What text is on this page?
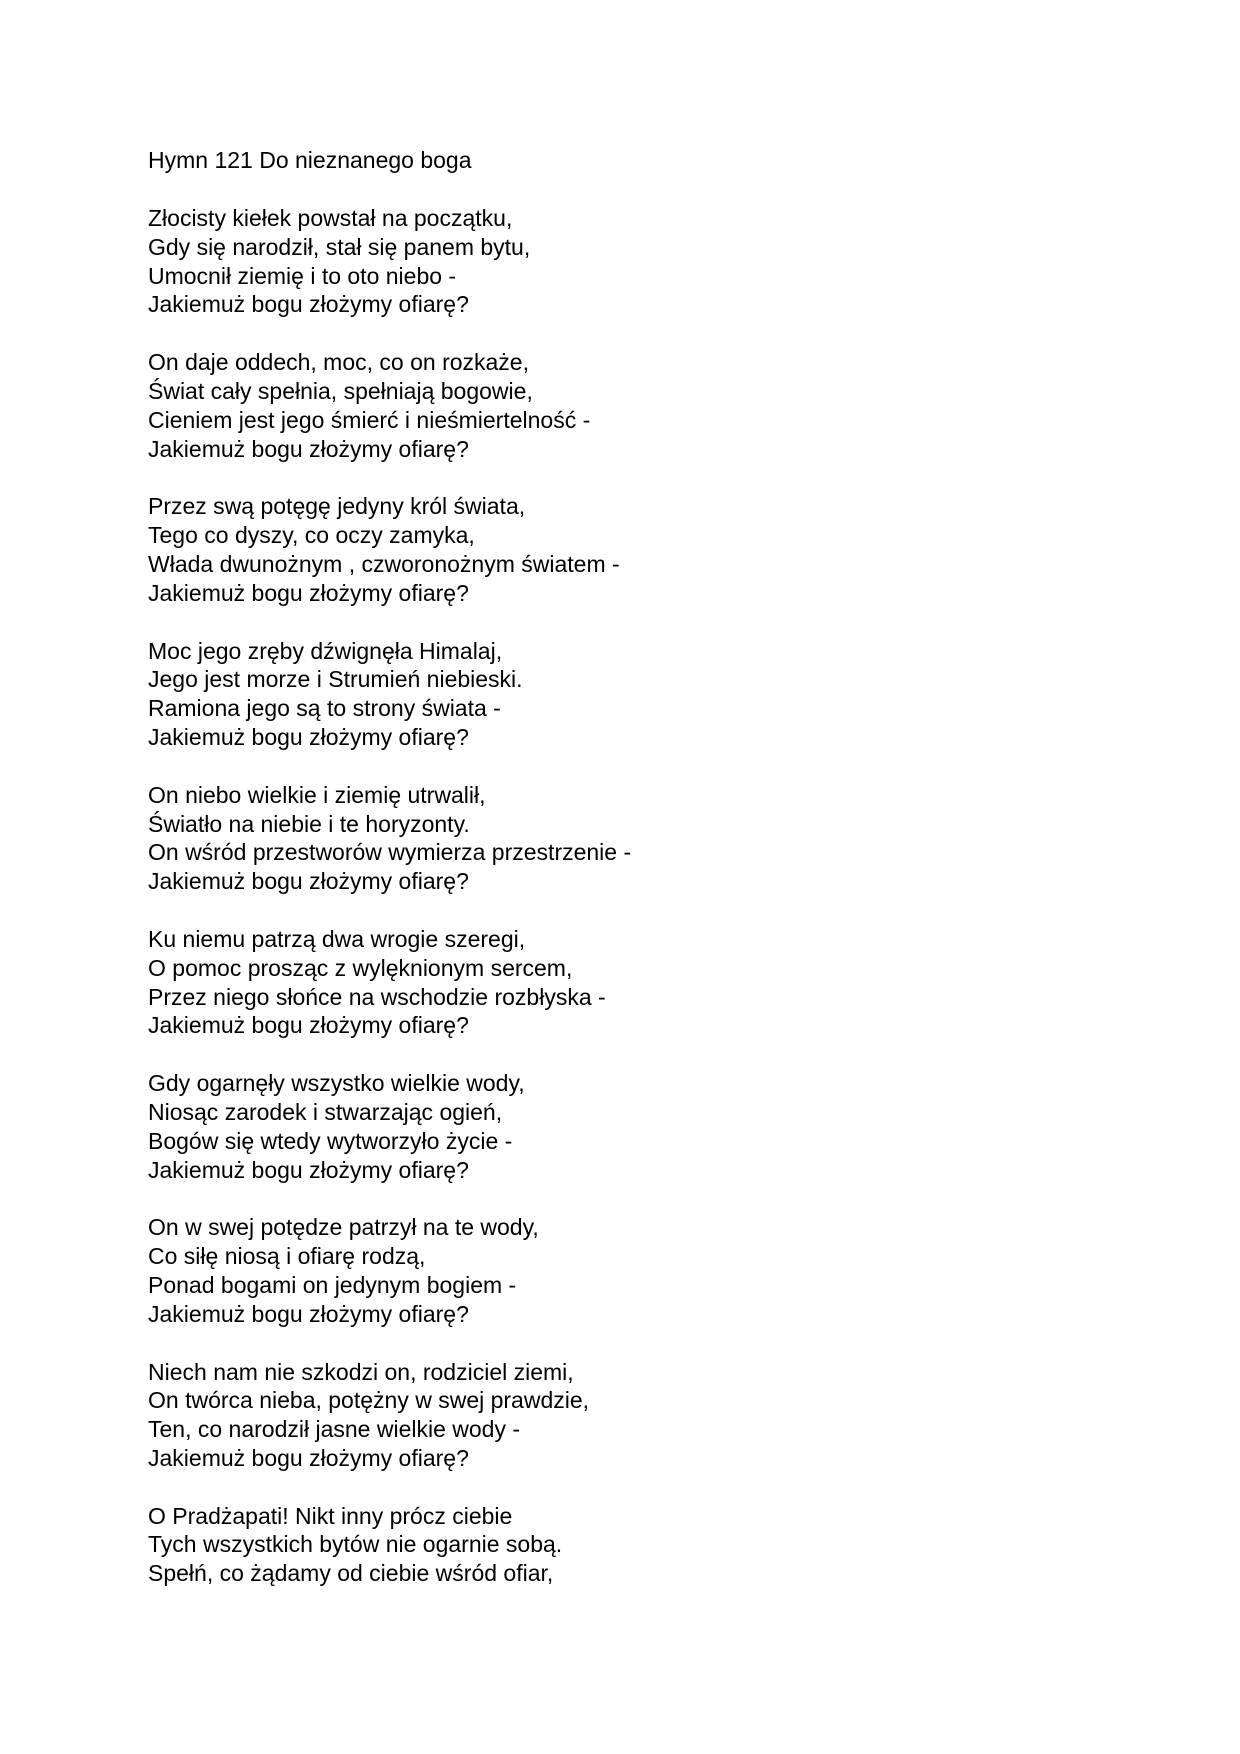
Hymn 121 Do nieznanego boga
Złocisty kiełek powstał na początku,
Gdy się narodził, stał się panem bytu,
Umocnił ziemię i to oto niebo -
Jakiemuż bogu złożymy ofiarę?
On daje oddech, moc, co on rozkaże,
Świat cały spełnia, spełniają bogowie,
Cieniem jest jego śmierć i nieśmiertelność -
Jakiemuż bogu złożymy ofiarę?
Przez swą potęgę jedyny król świata,
Tego co dyszy, co oczy zamyka,
Włada dwunożnym , czworonożnym światem -
Jakiemuż bogu złożymy ofiarę?
Moc jego zręby dźwignęła Himalaj,
Jego jest morze i Strumień niebieski.
Ramiona jego są to strony świata -
Jakiemuż bogu złożymy ofiarę?
On niebo wielkie i ziemię utrwalił,
Światło na niebie i te horyzonty.
On wśród przestworów wymierza przestrzenie -
Jakiemuż bogu złożymy ofiarę?
Ku niemu patrzą dwa wrogie szeregi,
O pomoc prosząc z wylęknionym sercem,
Przez niego słońce na wschodzie rozbłyska -
Jakiemuż bogu złożymy ofiarę?
Gdy ogarnęły wszystko wielkie wody,
Niosąc zarodek i stwarzając ogień,
Bogów się wtedy wytworzyło życie -
Jakiemuż bogu złożymy ofiarę?
On w swej potędze patrzył na te wody,
Co siłę niosą i ofiarę rodzą,
Ponad bogami on jedynym bogiem -
Jakiemuż bogu złożymy ofiarę?
Niech nam nie szkodzi on, rodziciel ziemi,
On twórca nieba, potężny w swej prawdzie,
Ten, co narodził jasne wielkie wody -
Jakiemuż bogu złożymy ofiarę?
O Pradżapati! Nikt inny prócz ciebie
Tych wszystkich bytów nie ogarnie sobą.
Spełń, co żądamy od ciebie wśród ofiar,
